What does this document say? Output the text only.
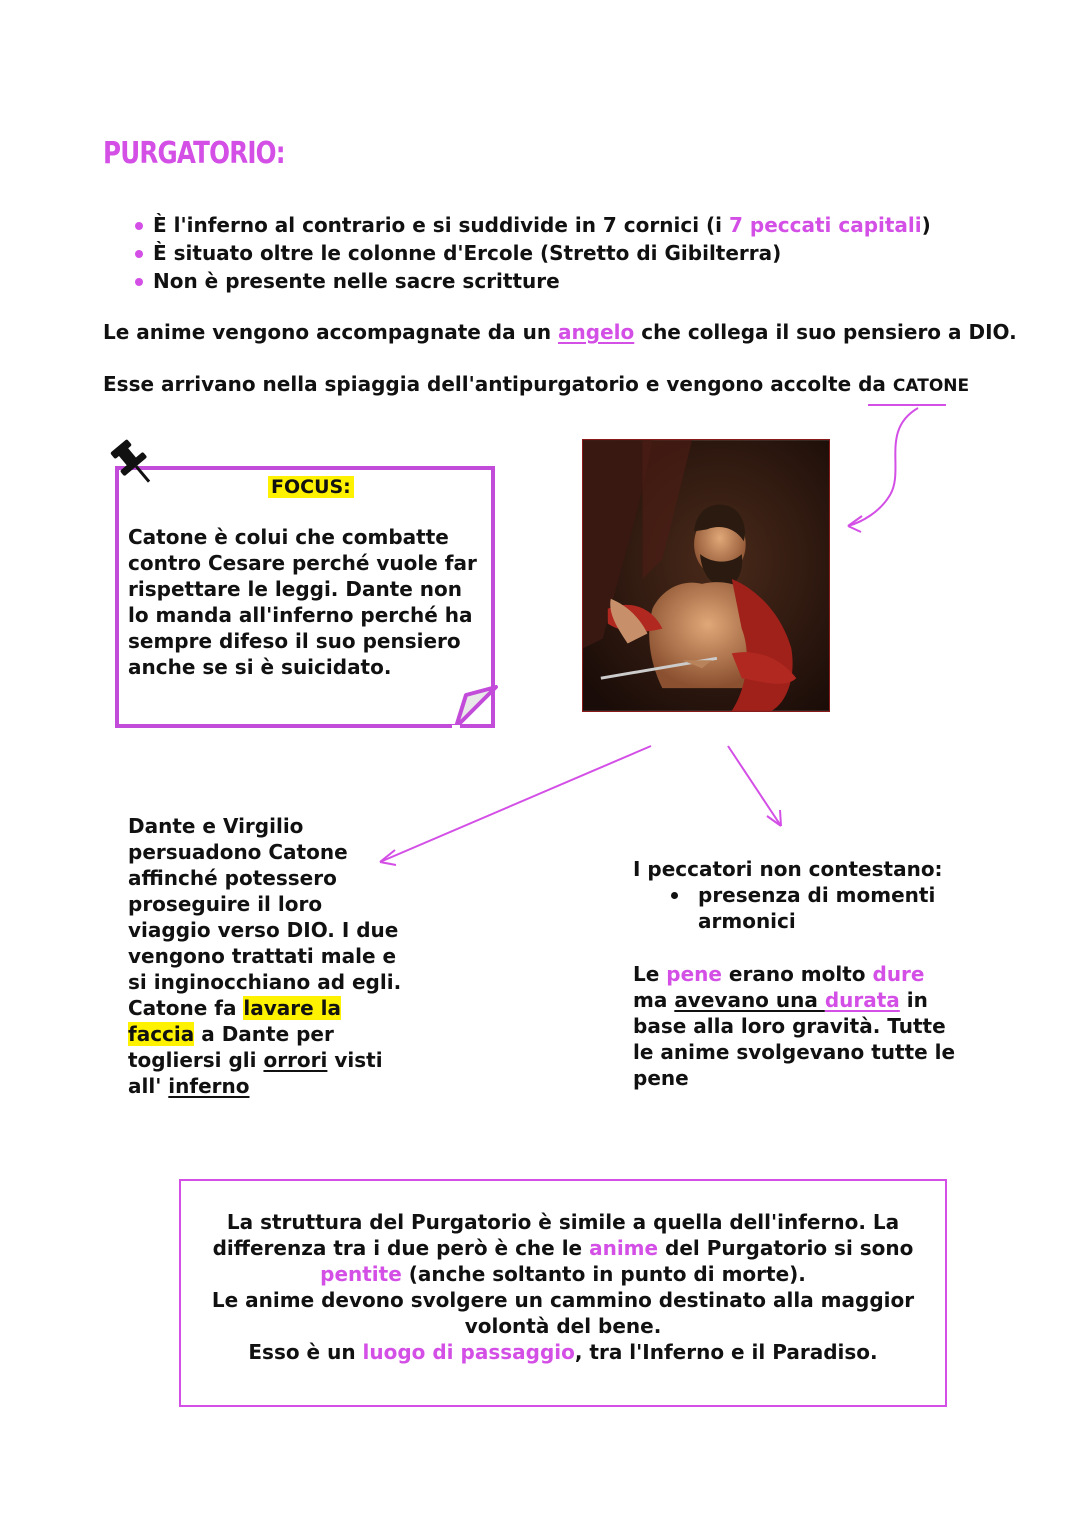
PURGATORIO:
È l'inferno al contrario e si suddivide in 7 cornici (i 7 peccati capitali)
È situato oltre le colonne d'Ercole (Stretto di Gibilterra)
Non è presente nelle sacre scritture
Le anime vengono accompagnate da un angelo che collega il suo pensiero a DIO.
Esse arrivano nella spiaggia dell'antipurgatorio e vengono accolte da CATONE
FOCUS:
Catone è colui che combatte contro Cesare perché vuole far rispettare le leggi. Dante non lo manda all'inferno perché ha sempre difeso il suo pensiero anche se si è suicidato.
Dante e Virgilio persuadono Catone affinché potessero proseguire il loro viaggio verso DIO. I due vengono trattati male e si inginocchiano ad egli. Catone fa lavare la faccia a Dante per togliersi gli orrori visti all' inferno
I peccatori non contestano:
presenza di momenti armonici
Le pene erano molto dure ma avevano una durata in base alla loro gravità. Tutte le anime svolgevano tutte le pene
La struttura del Purgatorio è simile a quella dell'inferno. La differenza tra i due però è che le anime del Purgatorio si sono pentite (anche soltanto in punto di morte).
Le anime devono svolgere un cammino destinato alla maggior volontà del bene.
Esso è un luogo di passaggio, tra l'Inferno e il Paradiso.
